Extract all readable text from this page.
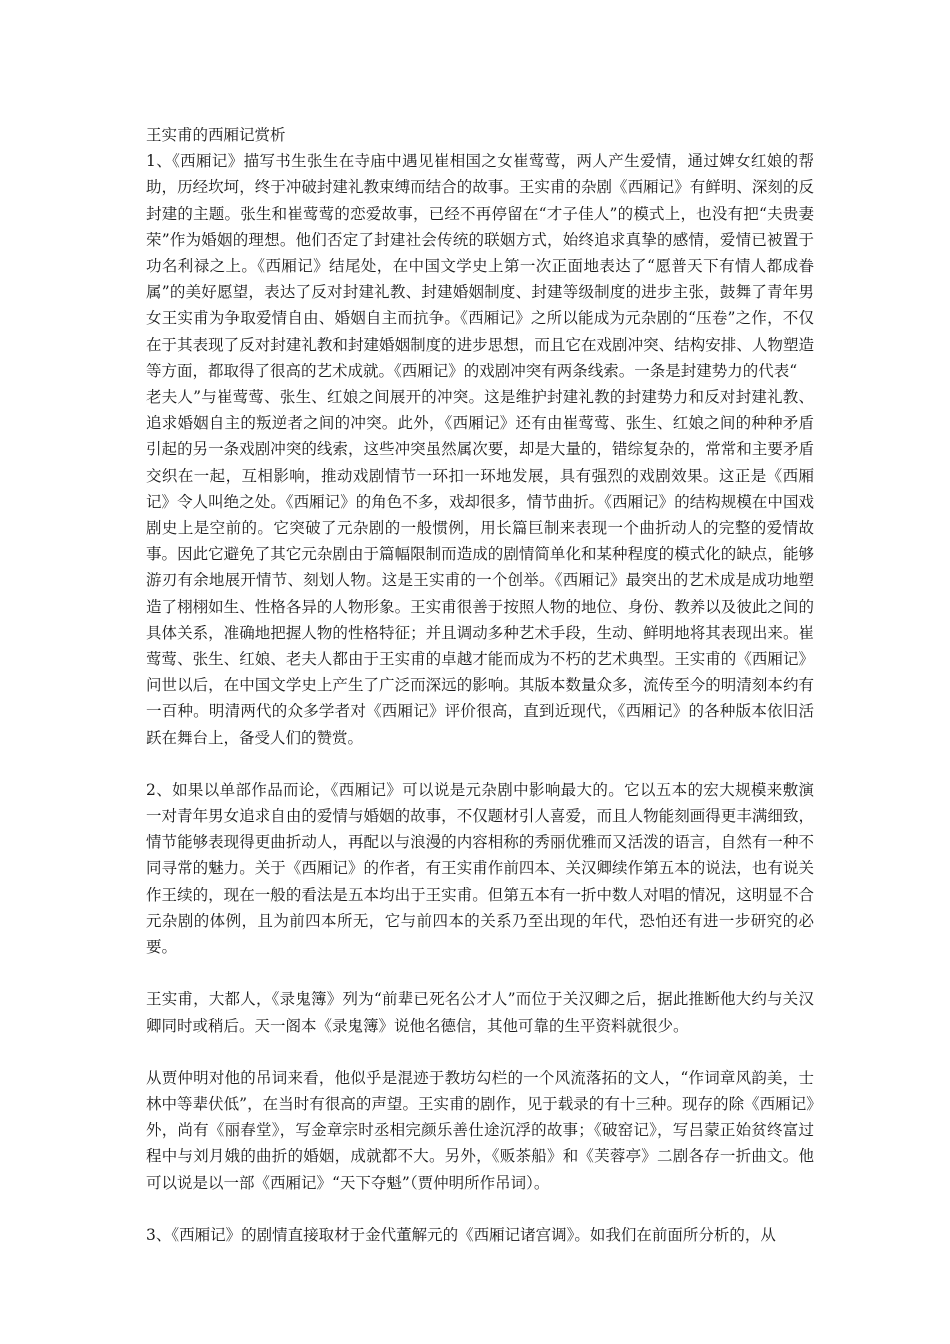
王实甫的西厢记赏析

1、《西厢记》描写书生张生在寺庙中遇见崔相国之女崔莺莺，两人产生爱情，通过婢女红娘的帮助，历经坎坷，终于冲破封建礼教束缚而结合的故事。王实甫的杂剧《西厢记》有鲜明、深刻的反封建的主题。张生和崔莺莺的恋爱故事，已经不再停留在“才子佳人”的模式上，也没有把“夫贵妻荣”作为婚姻的理想。他们否定了封建社会传统的联姻方式，始终追求真挚的感情，爱情已被置于功名利禄之上。《西厢记》结尾处，在中国文学史上第一次正面地表达了“愿普天下有情人都成眷属”的美好愿望，表达了反对封建礼教、封建婚姻制度、封建等级制度的进步主张，鼓舞了青年男女王实甫为争取爱情自由、婚姻自主而抗争。《西厢记》之所以能成为元杂剧的“压卷”之作，不仅在于其表现了反对封建礼教和封建婚姻制度的进步思想，而且它在戏剧冲突、结构安排、人物塑造等方面，都取得了很高的艺术成就。《西厢记》的戏剧冲突有两条线索。一条是封建势力的代表“
老夫人”与崔莺莺、张生、红娘之间展开的冲突。这是维护封建礼教的封建势力和反对封建礼教、追求婚姻自主的叛逆者之间的冲突。此外，《西厢记》还有由崔莺莺、张生、红娘之间的种种矛盾引起的另一条戏剧冲突的线索，这些冲突虽然属次要，却是大量的，错综复杂的，常常和主要矛盾交织在一起，互相影响，推动戏剧情节一环扣一环地发展，具有强烈的戏剧效果。这正是《西厢记》令人叫绝之处。《西厢记》的角色不多，戏却很多，情节曲折。《西厢记》的结构规模在中国戏剧史上是空前的。它突破了元杂剧的一般惯例，用长篇巨制来表现一个曲折动人的完整的爱情故事。因此它避免了其它元杂剧由于篇幅限制而造成的剧情简单化和某种程度的模式化的缺点，能够游刃有余地展开情节、刻划人物。这是王实甫的一个创举。《西厢记》最突出的艺术成是成功地塑造了栩栩如生、性格各异的人物形象。王实甫很善于按照人物的地位、身份、教养以及彼此之间的具体关系，准确地把握人物的性格特征；并且调动多种艺术手段，生动、鲜明地将其表现出来。崔莺莺、张生、红娘、老夫人都由于王实甫的卓越才能而成为不朽的艺术典型。王实甫的《西厢记》问世以后，在中国文学史上产生了广泛而深远的影响。其版本数量众多，流传至今的明清刻本约有一百种。明清两代的众多学者对《西厢记》评价很高，直到近现代，《西厢记》的各种版本依旧活跃在舞台上，备受人们的赞赏。

2、如果以单部作品而论，《西厢记》可以说是元杂剧中影响最大的。它以五本的宏大规模来敷演一对青年男女追求自由的爱情与婚姻的故事，不仅题材引人喜爱，而且人物能刻画得更丰满细致，情节能够表现得更曲折动人，再配以与浪漫的内容相称的秀丽优雅而又活泼的语言，自然有一种不同寻常的魅力。关于《西厢记》的作者，有王实甫作前四本、关汉卿续作第五本的说法，也有说关作王续的，现在一般的看法是五本均出于王实甫。但第五本有一折中数人对唱的情况，这明显不合元杂剧的体例，且为前四本所无，它与前四本的关系乃至出现的年代，恐怕还有进一步研究的必要。

王实甫，大都人，《录鬼簿》列为“前辈已死名公才人”而位于关汉卿之后，据此推断他大约与关汉卿同时或稍后。天一阁本《录鬼簿》说他名德信，其他可靠的生平资料就很少。

从贾仲明对他的吊词来看，他似乎是混迹于教坊勾栏的一个风流落拓的文人，“作词章风韵美，士林中等辈伏低”，在当时有很高的声望。王实甫的剧作，见于载录的有十三种。现存的除《西厢记》外，尚有《丽春堂》，写金章宗时丞相完颜乐善仕途沉浮的故事；《破窑记》，写吕蒙正始贫终富过程中与刘月娥的曲折的婚姻，成就都不大。另外，《贩茶船》和《芙蓉亭》二剧各存一折曲文。他可以说是以一部《西厢记》“天下夺魁”（贾仲明所作吊词）。

3、《西厢记》的剧情直接取材于金代董解元的《西厢记诸宫调》。如我们在前面所分析的，从
